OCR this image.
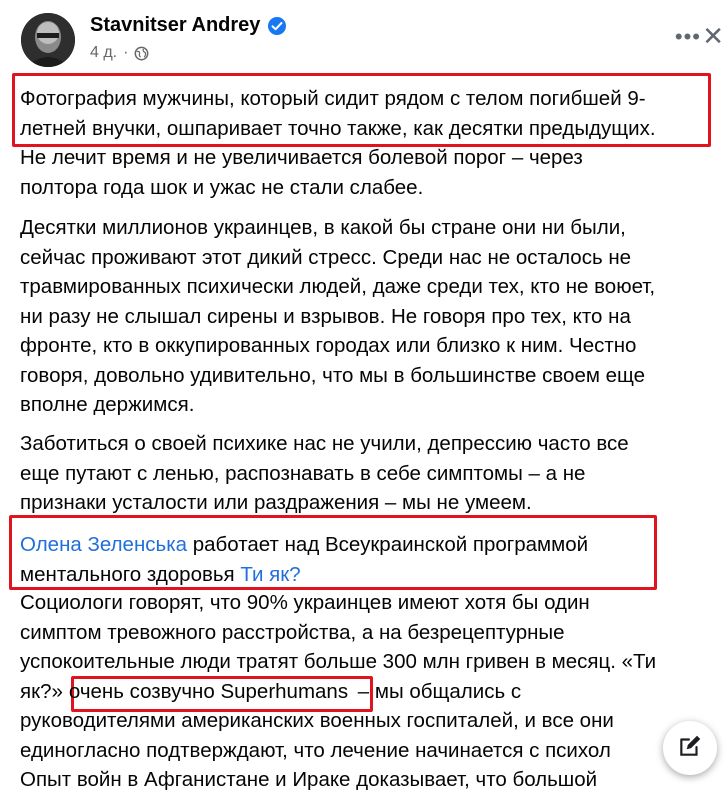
Stavnitser Andrey
4 д. ·
••• ✕
Фотография мужчины, который сидит рядом с телом погибшей 9-
летней внучки, ошпаривает точно также, как десятки предыдущих.
Не лечит время и не увеличивается болевой порог – через
полтора года шок и ужас не стали слабее.
Десятки миллионов украинцев, в какой бы стране они ни были,
сейчас проживают этот дикий стресс. Среди нас не осталось не
травмированных психически людей, даже среди тех, кто не воюет,
ни разу не слышал сирены и взрывов. Не говоря про тех, кто на
фронте, кто в оккупированных городах или близко к ним. Честно
говоря, довольно удивительно, что мы в большинстве своем еще
вполне держимся.
Заботиться о своей психике нас не учили, депрессию часто все
еще путают с ленью, распознавать в себе симптомы – а не
признаки усталости или раздражения – мы не умеем.
Олена Зеленська работает над Всеукраинской программой
ментального здоровья Ти як?
Социологи говорят, что 90% украинцев имеют хотя бы один
симптом тревожного расстройства, а на безрецептурные
успокоительные люди тратят больше 300 млн гривен в месяц. «Ти
як?» очень созвучно Superhumans – мы общались с
руководителями американских военных госпиталей, и все они
единогласно подтверждают, что лечение начинается с психол
Опыт войн в Афганистане и Ираке доказывает, что большой
